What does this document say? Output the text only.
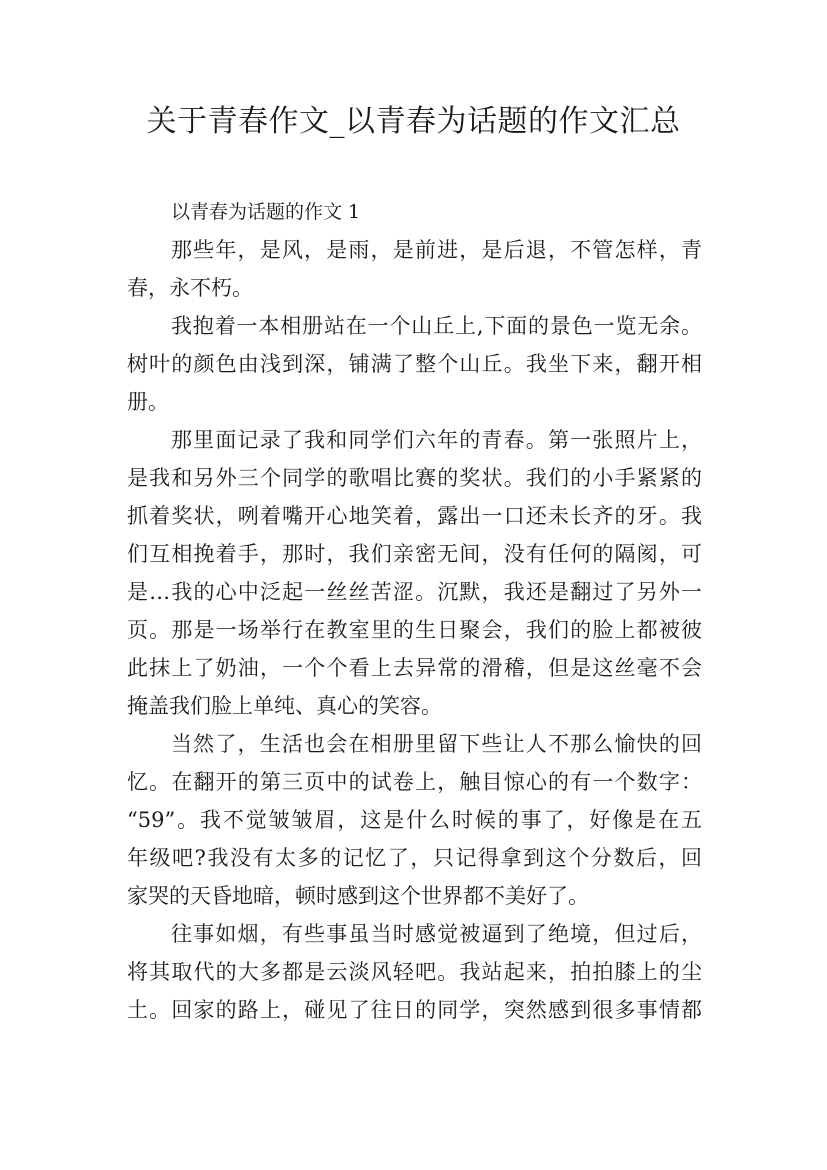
关于青春作文_以青春为话题的作文汇总

以青春为话题的作文 1

那些年，是风，是雨，是前进，是后退，不管怎样，青
春，永不朽。

我抱着一本相册站在一个山丘上,下面的景色一览无余。
树叶的颜色由浅到深，铺满了整个山丘。我坐下来，翻开相
册。

那里面记录了我和同学们六年的青春。第一张照片上，
是我和另外三个同学的歌唱比赛的奖状。我们的小手紧紧的
抓着奖状，咧着嘴开心地笑着，露出一口还未长齐的牙。我
们互相挽着手，那时，我们亲密无间，没有任何的隔阂，可
是…我的心中泛起一丝丝苦涩。沉默，我还是翻过了另外一
页。那是一场举行在教室里的生日聚会，我们的脸上都被彼
此抹上了奶油，一个个看上去异常的滑稽，但是这丝毫不会
掩盖我们脸上单纯、真心的笑容。

当然了，生活也会在相册里留下些让人不那么愉快的回
忆。在翻开的第三页中的试卷上，触目惊心的有一个数字：
“59”。我不觉皱皱眉，这是什么时候的事了，好像是在五
年级吧?我没有太多的记忆了，只记得拿到这个分数后，回
家哭的天昏地暗，顿时感到这个世界都不美好了。

往事如烟，有些事虽当时感觉被逼到了绝境，但过后，
将其取代的大多都是云淡风轻吧。我站起来，拍拍膝上的尘
土。回家的路上，碰见了往日的同学，突然感到很多事情都
